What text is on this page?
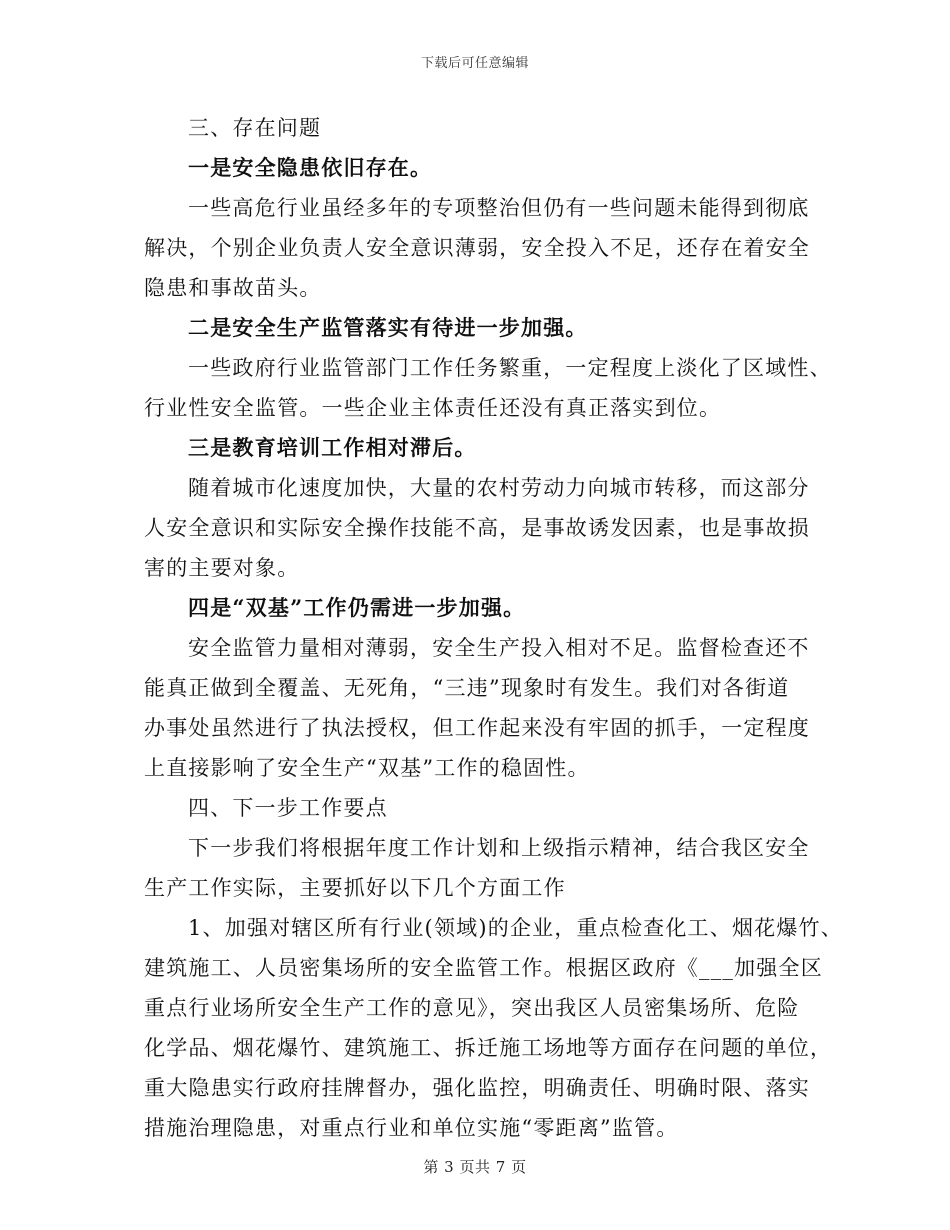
下载后可任意编辑
三、存在问题
一是安全隐患依旧存在。
一些高危行业虽经多年的专项整治但仍有一些问题未能得到彻底
解决，个别企业负责人安全意识薄弱，安全投入不足，还存在着安全
隐患和事故苗头。
二是安全生产监管落实有待进一步加强。
一些政府行业监管部门工作任务繁重，一定程度上淡化了区域性、
行业性安全监管。一些企业主体责任还没有真正落实到位。
三是教育培训工作相对滞后。
随着城市化速度加快，大量的农村劳动力向城市转移，而这部分
人安全意识和实际安全操作技能不高，是事故诱发因素，也是事故损
害的主要对象。
四是“双基”工作仍需进一步加强。
安全监管力量相对薄弱，安全生产投入相对不足。监督检查还不
能真正做到全覆盖、无死角，“三违”现象时有发生。我们对各街道
办事处虽然进行了执法授权，但工作起来没有牢固的抓手，一定程度
上直接影响了安全生产“双基”工作的稳固性。
四、下一步工作要点
下一步我们将根据年度工作计划和上级指示精神，结合我区安全
生产工作实际，主要抓好以下几个方面工作
1、加强对辖区所有行业(领域)的企业，重点检查化工、烟花爆竹、
建筑施工、人员密集场所的安全监管工作。根据区政府《___加强全区
重点行业场所安全生产工作的意见》，突出我区人员密集场所、危险
化学品、烟花爆竹、建筑施工、拆迁施工场地等方面存在问题的单位，
重大隐患实行政府挂牌督办，强化监控，明确责任、明确时限、落实
措施治理隐患，对重点行业和单位实施“零距离”监管。
第 3 页共 7 页
